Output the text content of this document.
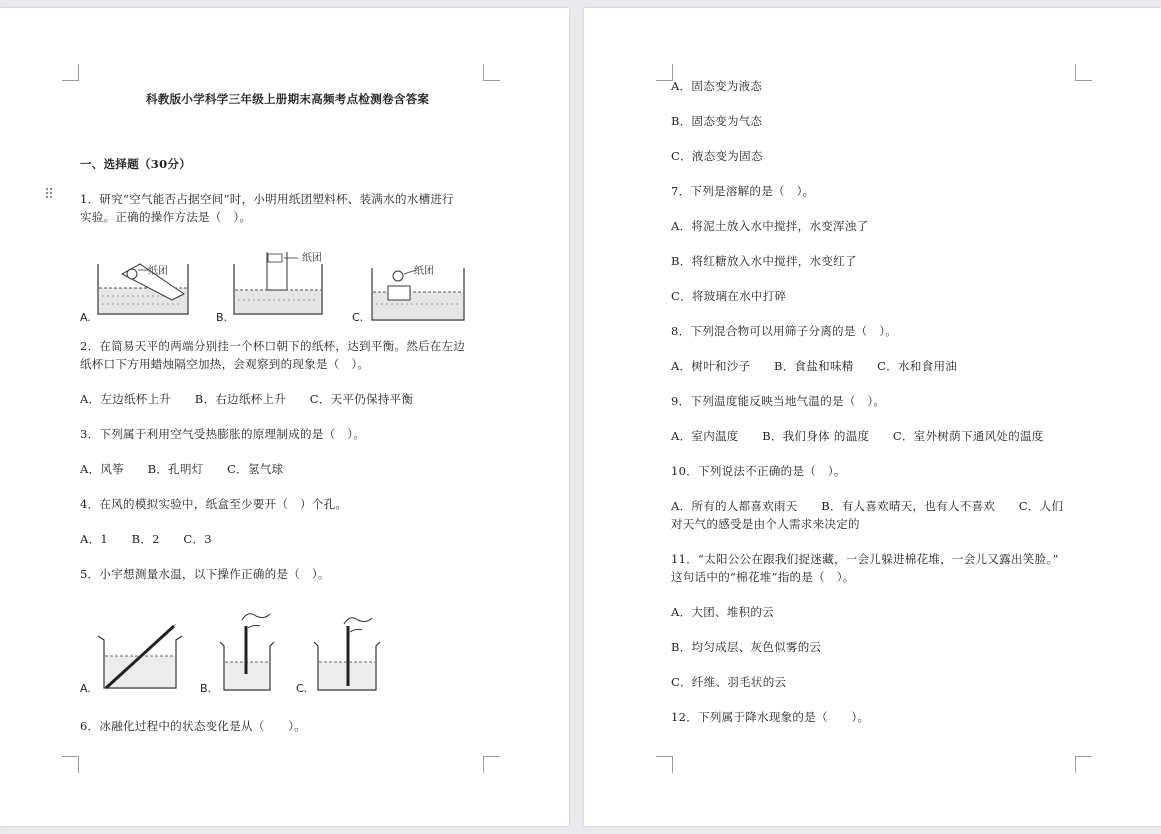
⠿
科教版小学科学三年级上册期末高频考点检测卷含答案
一、选择题（30分）
1．研究“空气能否占据空间”时，小明用纸团塑料杯、装满水的水槽进行
实验。正确的操作方法是（　）。
纸团
纸团
纸团
A.	B.	C.
2．在简易天平的两端分别挂一个杯口朝下的纸杯，达到平衡。然后在左边
纸杯口下方用蜡烛隔空加热，会观察到的现象是（　）。
A．左边纸杯上升　　B．右边纸杯上升　　C．天平仍保持平衡
3．下列属于利用空气受热膨胀的原理制成的是（　）。
A．风筝　　B．孔明灯　　C．氢气球
4．在风的模拟实验中，纸盒至少要开（　）个孔。
A．1　　B．2　　C．3
5．小宇想测量水温，以下操作正确的是（　）。
A.	B.	C.
6．冰融化过程中的状态变化是从（　　）。
A．固态变为液态
B．固态变为气态
C．液态变为固态
7．下列是溶解的是（　）。
A．将泥土放入水中搅拌，水变浑浊了
B．将红糖放入水中搅拌，水变红了
C．将玻璃在水中打碎
8．下列混合物可以用筛子分离的是（　）。
A．树叶和沙子　　B．食盐和味精　　C．水和食用油
9．下列温度能反映当地气温的是（　）。
A．室内温度　　B．我们身体 的温度　　C．室外树荫下通风处的温度
10．下列说法不正确的是（　）。
A．所有的人都喜欢雨天　　B．有人喜欢晴天，也有人不喜欢　　C．人们
对天气的感受是由个人需求来决定的
11．“太阳公公在跟我们捉迷藏，一会儿躲进棉花堆，一会儿又露出笑脸。”
这句话中的“棉花堆”指的是（　）。
A．大团、堆积的云
B．均匀成层、灰色似雾的云
C．纤维、羽毛状的云
12．下列属于降水现象的是（　　）。
